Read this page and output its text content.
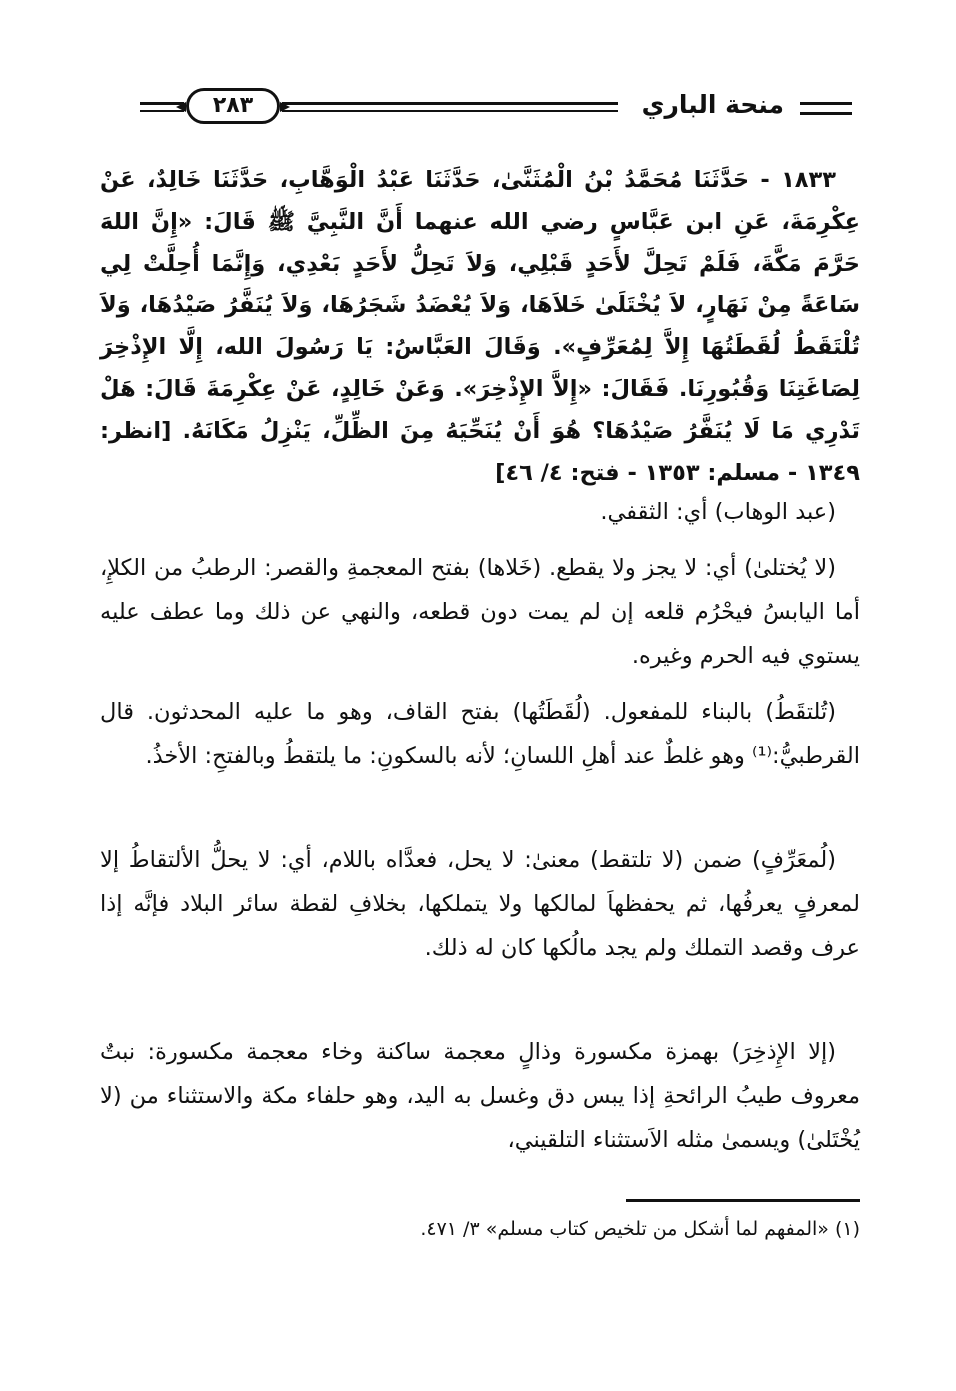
منحة الباري
٢٨٣

١٨٣٣ - حَدَّثَنَا مُحَمَّدُ بْنُ الْمُثَنَّىٰ، حَدَّثَنَا عَبْدُ الْوَهَّابِ، حَدَّثَنَا خَالِدٌ، عَنْ عِكْرِمَةَ، عَنِ ابن عَبَّاسٍ رضي الله عنهما أَنَّ النَّبِيَّ ﷺ قَالَ: «إِنَّ اللهَ حَرَّمَ مَكَّةَ، فَلَمْ تَحِلَّ لأَحَدٍ قَبْلِي، وَلاَ تَحِلُّ لأَحَدٍ بَعْدِي، وَإِنَّمَا أُحِلَّتْ لِي سَاعَةً مِنْ نَهَارٍ، لاَ يُخْتَلَىٰ خَلاَهَا، وَلاَ يُعْضَدُ شَجَرُهَا، وَلاَ يُنَفَّرُ صَيْدُهَا، وَلاَ تُلْتَقَطُ لُقَطَتُهَا إِلاَّ لِمُعَرِّفٍ». وَقَالَ العَبَّاسُ: يَا رَسُولَ الله، إِلَّا الإِذْخِرَ لِصَاغَتِنَا وَقُبُورِنَا. فَقَالَ: «إِلاَّ الإِذْخِرَ». وَعَنْ خَالِدٍ، عَنْ عِكْرِمَةَ قَالَ: هَلْ تَدْرِي مَا لَا يُنَفَّرُ صَيْدُهَا؟ هُوَ أَنْ يُنَحِّيَهُ مِنَ الظِّلِّ، يَنْزِلُ مَكَانَهُ. [انظر: ١٣٤٩ - مسلم: ١٣٥٣ - فتح: ٤/ ٤٦]

(عبد الوهاب) أي: الثقفي.

(لا يُختلىٰ) أي: لا يجز ولا يقطع. (خَلاها) بفتح المعجمةِ والقصر: الرطبُ من الكلإِ، أما اليابسُ فيحْرُم قلعه إن لم يمت دون قطعه، والنهي عن ذلك وما عطف عليه يستوي فيه الحرم وغيره.

(تُلتقَطُ) بالبناء للمفعول. (لُقَطَتُها) بفتح القاف، وهو ما عليه المحدثون. قال القرطبيُّ:⁽¹⁾ وهو غلطٌ عند أهلِ اللسانِ؛ لأنه بالسكونِ: ما يلتقطُ وبالفتحِ: الأخذُ.

(لُمعَرِّفٍ) ضمن (لا تلتقط) معنىٰ: لا يحل، فعدَّاه باللام، أي: لا يحلُّ الألتقاطُ إلا لمعرفٍ يعرفُها، ثم يحفظهاَ لمالكها ولا يتملكها، بخلافِ لقطة سائر البلاد فإنَّه إذا عرف وقصد التملك ولم يجد مالُكها كان له ذلك.

(إلا الإِذخِرَ) بهمزة مكسورة وذالٍ معجمة ساكنة وخاء معجمة مكسورة: نبتٌ معروف طيبُ الرائحةِ إذا يبس دق وغسل به اليد، وهو حلفاء مكة والاستثناء من (لا يُخْتَلىٰ) ويسمىٰ مثله الاَستثناء التلقيني،

(١) «المفهم لما أشكل من تلخيص كتاب مسلم» ٣/ ٤٧١.
